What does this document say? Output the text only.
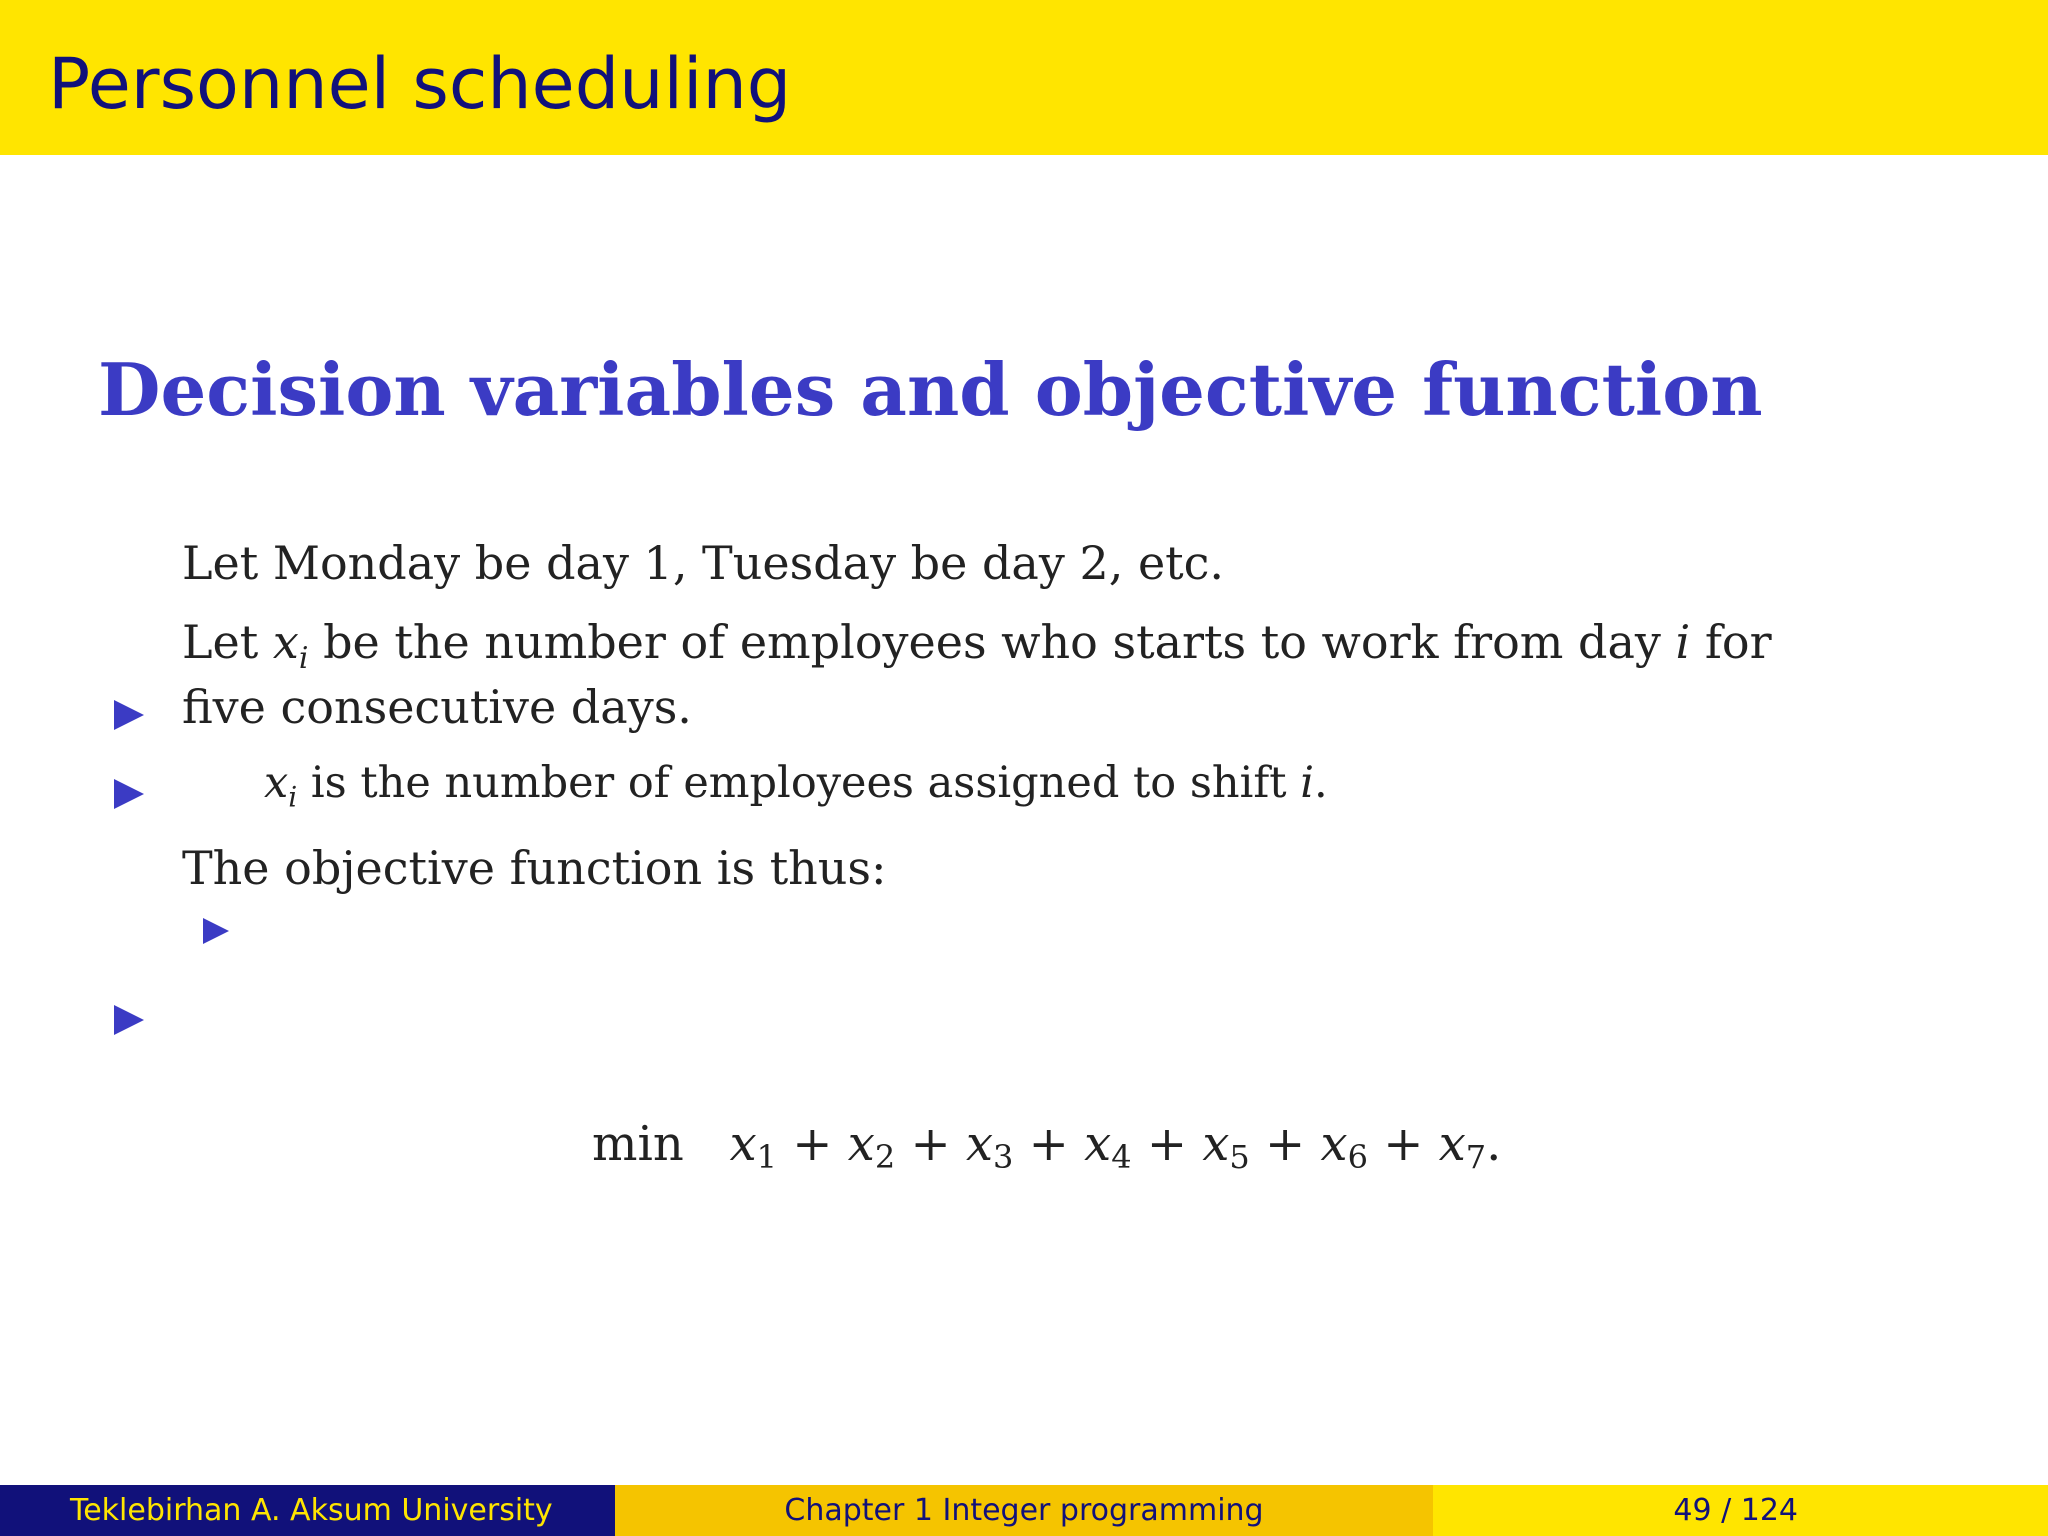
Personnel scheduling
Decision variables and objective function
Let Monday be day 1, Tuesday be day 2, etc.
Let $x_i$ be the number of employees who starts to work from day i for
five consecutive days.
$x_i$ is the number of employees assigned to shift i.
The objective function is thus:
$\min x_1 + x_2 + x_3 + x_4 + x_5 + x_6 + x_7$.
Teklebirhan A. Aksum University	Chapter 1 Integer programming	49 / 124
